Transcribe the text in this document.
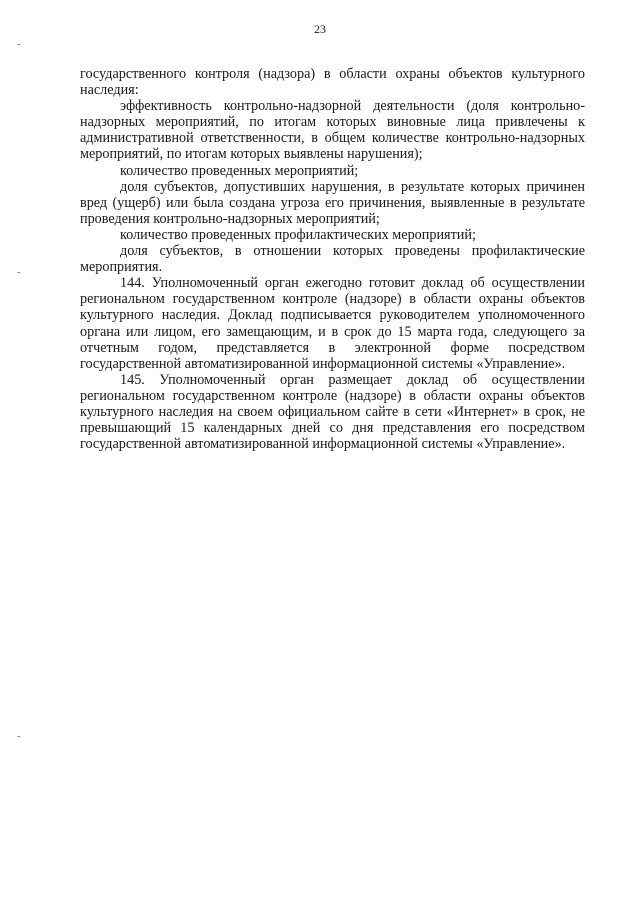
23
-
-
-

государственного контроля (надзора) в области охраны объектов культурного наследия:

эффективность контрольно-надзорной деятельности (доля контрольно-надзорных мероприятий, по итогам которых виновные лица привлечены к административной ответственности, в общем количестве контрольно-надзорных мероприятий, по итогам которых выявлены нарушения);

количество проведенных мероприятий;

доля субъектов, допустивших нарушения, в результате которых причинен вред (ущерб) или была создана угроза его причинения, выявленные в результате проведения контрольно-надзорных мероприятий;

количество проведенных профилактических мероприятий;

доля субъектов, в отношении которых проведены профилактические мероприятия.

144. Уполномоченный орган ежегодно готовит доклад об осуществлении региональном государственном контроле (надзоре) в области охраны объектов культурного наследия. Доклад подписывается руководителем уполномоченного органа или лицом, его замещающим, и в срок до 15 марта года, следующего за отчетным годом, представляется в электронной форме посредством государственной автоматизированной информационной системы «Управление».

145. Уполномоченный орган размещает доклад об осуществлении региональном государственном контроле (надзоре) в области охраны объектов культурного наследия на своем официальном сайте в сети «Интернет» в срок, не превышающий 15 календарных дней со дня представления его посредством государственной автоматизированной информационной системы «Управление».
